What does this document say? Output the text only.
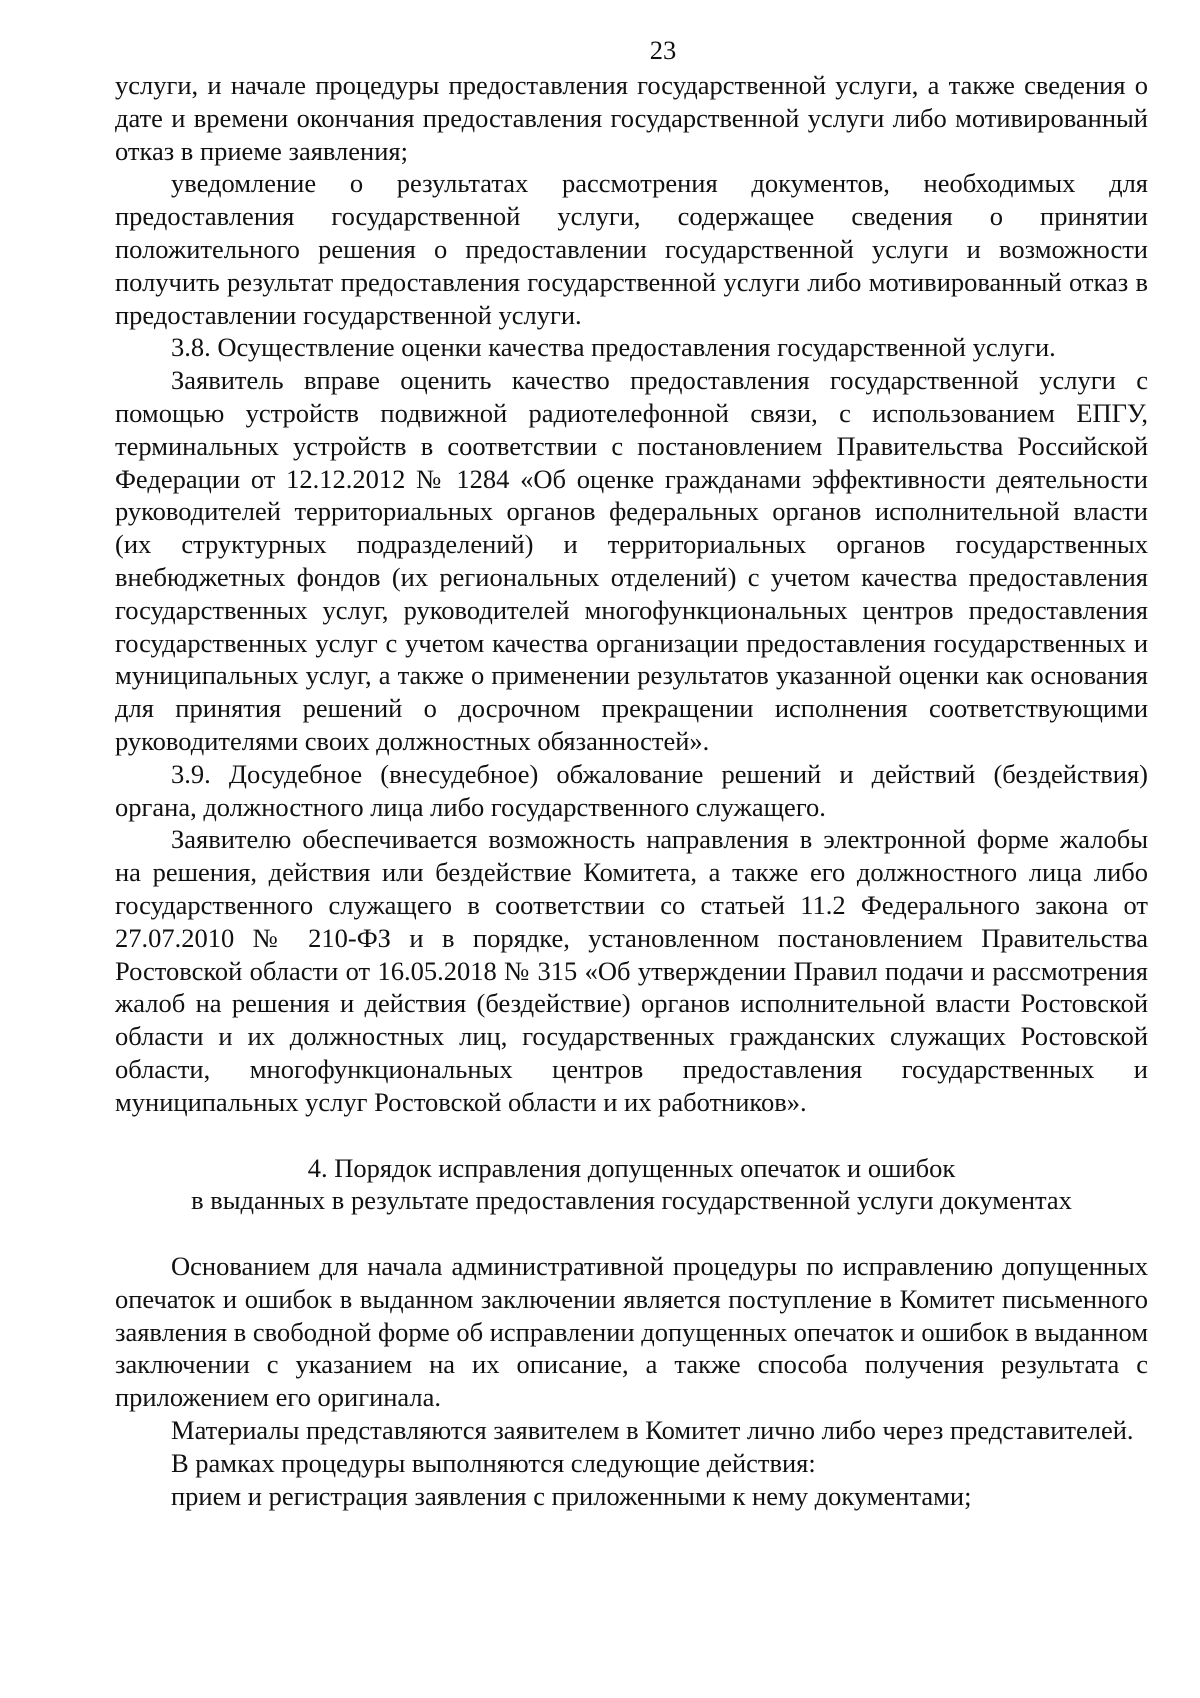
23

услуги, и начале процедуры предоставления государственной услуги, а также сведения о дате и времени окончания предоставления государственной услуги либо мотивированный отказ в приеме заявления;

уведомление о результатах рассмотрения документов, необходимых для предоставления государственной услуги, содержащее сведения о принятии положительного решения о предоставлении государственной услуги и возможности получить результат предоставления государственной услуги либо мотивированный отказ в предоставлении государственной услуги.

3.8. Осуществление оценки качества предоставления государственной услуги.

Заявитель вправе оценить качество предоставления государственной услуги с помощью устройств подвижной радиотелефонной связи, с использованием ЕПГУ, терминальных устройств в соответствии с постановлением Правительства Российской Федерации от 12.12.2012 № 1284 «Об оценке гражданами эффективности деятельности руководителей территориальных органов федеральных органов исполнительной власти (их структурных подразделений) и территориальных органов государственных внебюджетных фондов (их региональных отделений) с учетом качества предоставления государственных услуг, руководителей многофункциональных центров предоставления государственных услуг с учетом качества организации предоставления государственных и муниципальных услуг, а также о применении результатов указанной оценки как основания для принятия решений о досрочном прекращении исполнения соответствующими руководителями своих должностных обязанностей».

3.9. Досудебное (внесудебное) обжалование решений и действий (бездействия) органа, должностного лица либо государственного служащего.

Заявителю обеспечивается возможность направления в электронной форме жалобы на решения, действия или бездействие Комитета, а также его должностного лица либо государственного служащего в соответствии со статьей 11.2 Федерального закона от 27.07.2010 № 210-ФЗ и в порядке, установленном постановлением Правительства Ростовской области от 16.05.2018 № 315 «Об утверждении Правил подачи и рассмотрения жалоб на решения и действия (бездействие) органов исполнительной власти Ростовской области и их должностных лиц, государственных гражданских служащих Ростовской области, многофункциональных центров предоставления государственных и муниципальных услуг Ростовской области и их работников».

4. Порядок исправления допущенных опечаток и ошибок
в выданных в результате предоставления государственной услуги документах

Основанием для начала административной процедуры по исправлению допущенных опечаток и ошибок в выданном заключении является поступление в Комитет письменного заявления в свободной форме об исправлении допущенных опечаток и ошибок в выданном заключении с указанием на их описание, а также способа получения результата с приложением его оригинала.

Материалы представляются заявителем в Комитет лично либо через представителей.

В рамках процедуры выполняются следующие действия:

прием и регистрация заявления с приложенными к нему документами;
